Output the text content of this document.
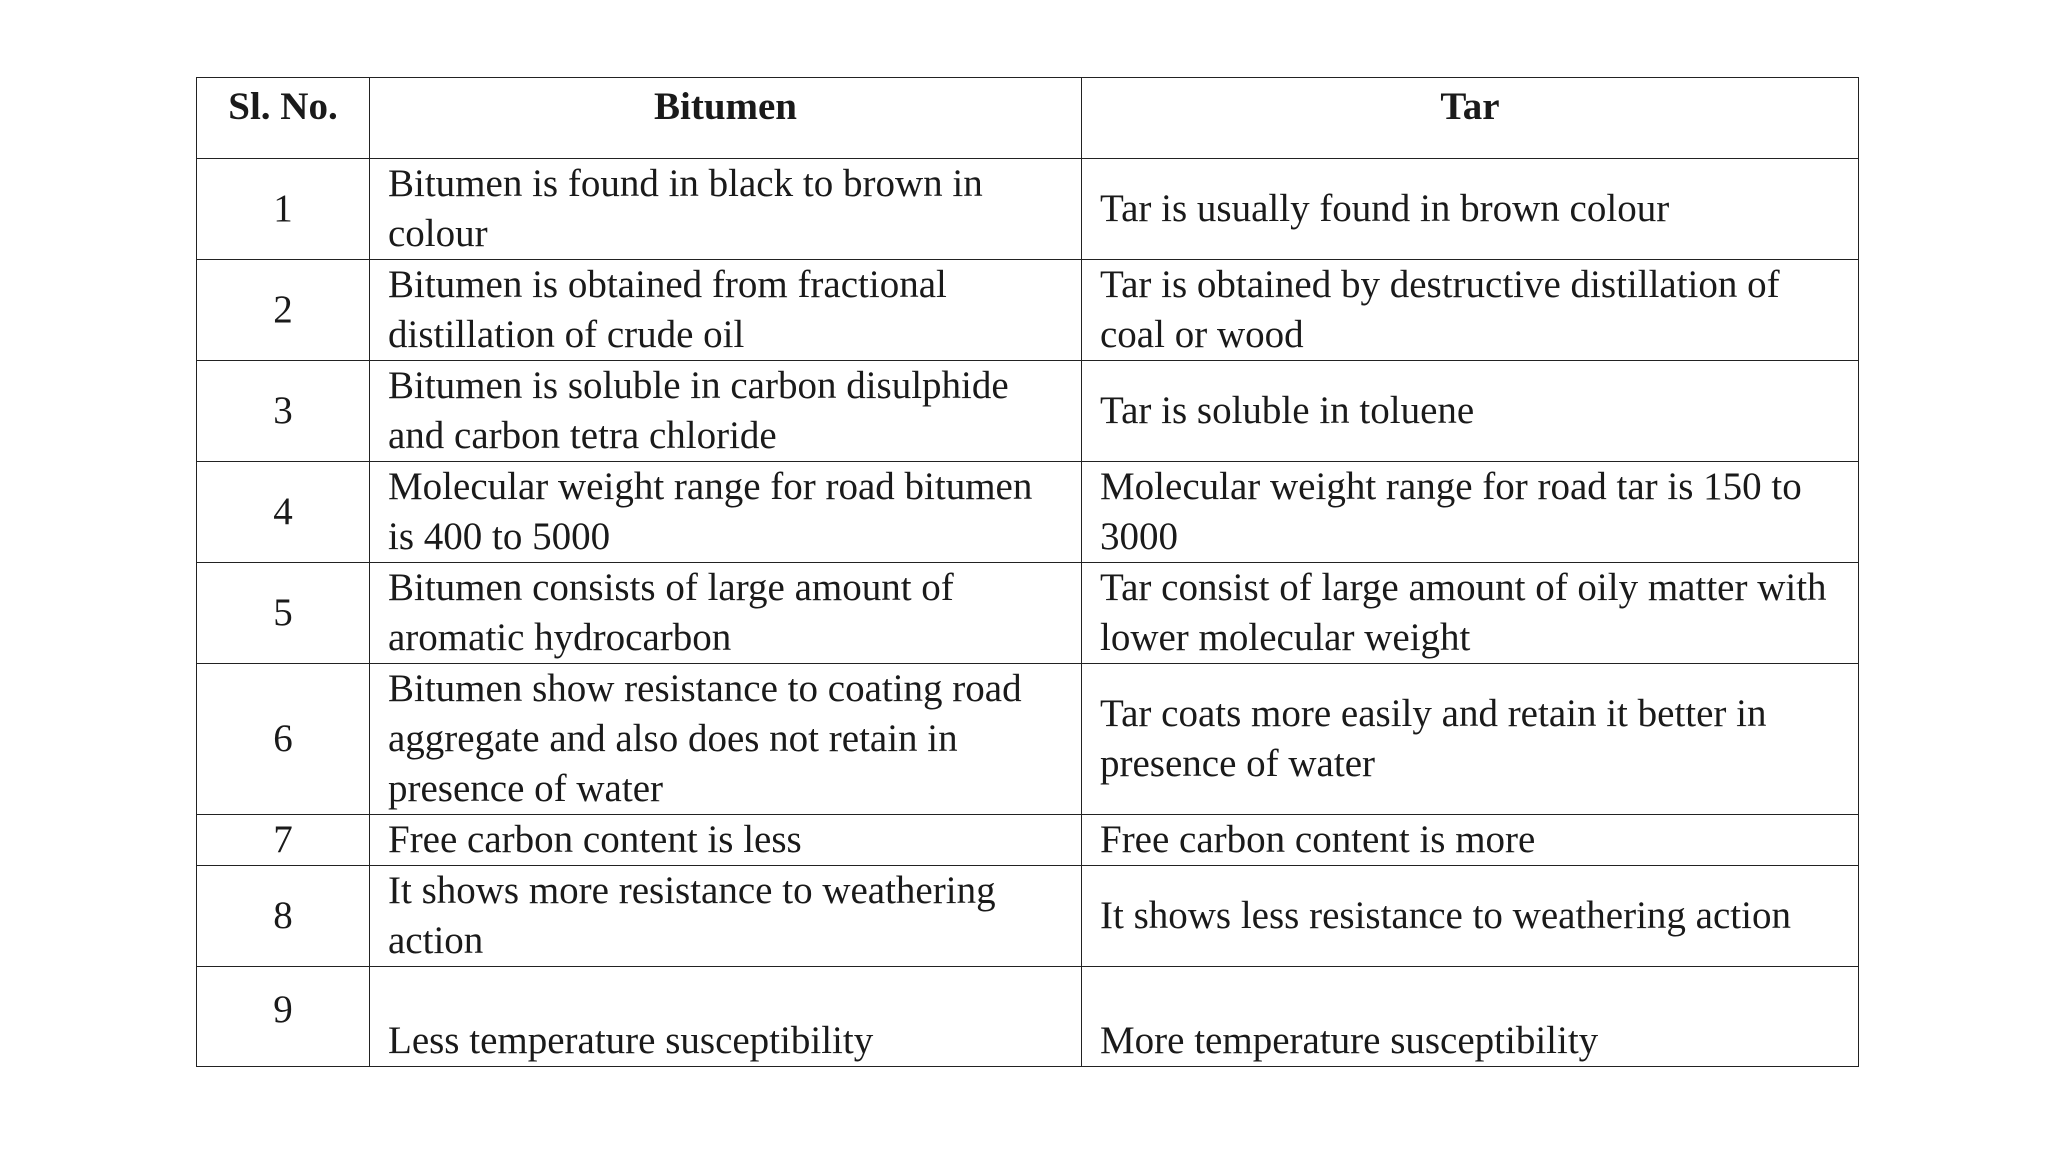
Sl. No.	Bitumen	Tar
1	Bitumen is found in black to brown in colour	Tar is usually found in brown colour
2	Bitumen is obtained from fractional distillation of crude oil	Tar is obtained by destructive distillation of coal or wood
3	Bitumen is soluble in carbon disulphide and carbon tetra chloride	Tar is soluble in toluene
4	Molecular weight range for road bitumen is 400 to 5000	Molecular weight range for road tar is 150 to 3000
5	Bitumen consists of large amount of aromatic hydrocarbon	Tar consist of large amount of oily matter with lower molecular weight
6	Bitumen show resistance to coating road aggregate and also does not retain in presence of water	Tar coats more easily and retain it better in presence of water
7	Free carbon content is less	Free carbon content is more
8	It shows more resistance to weathering action	It shows less resistance to weathering action
9	Less temperature susceptibility	More temperature susceptibility
